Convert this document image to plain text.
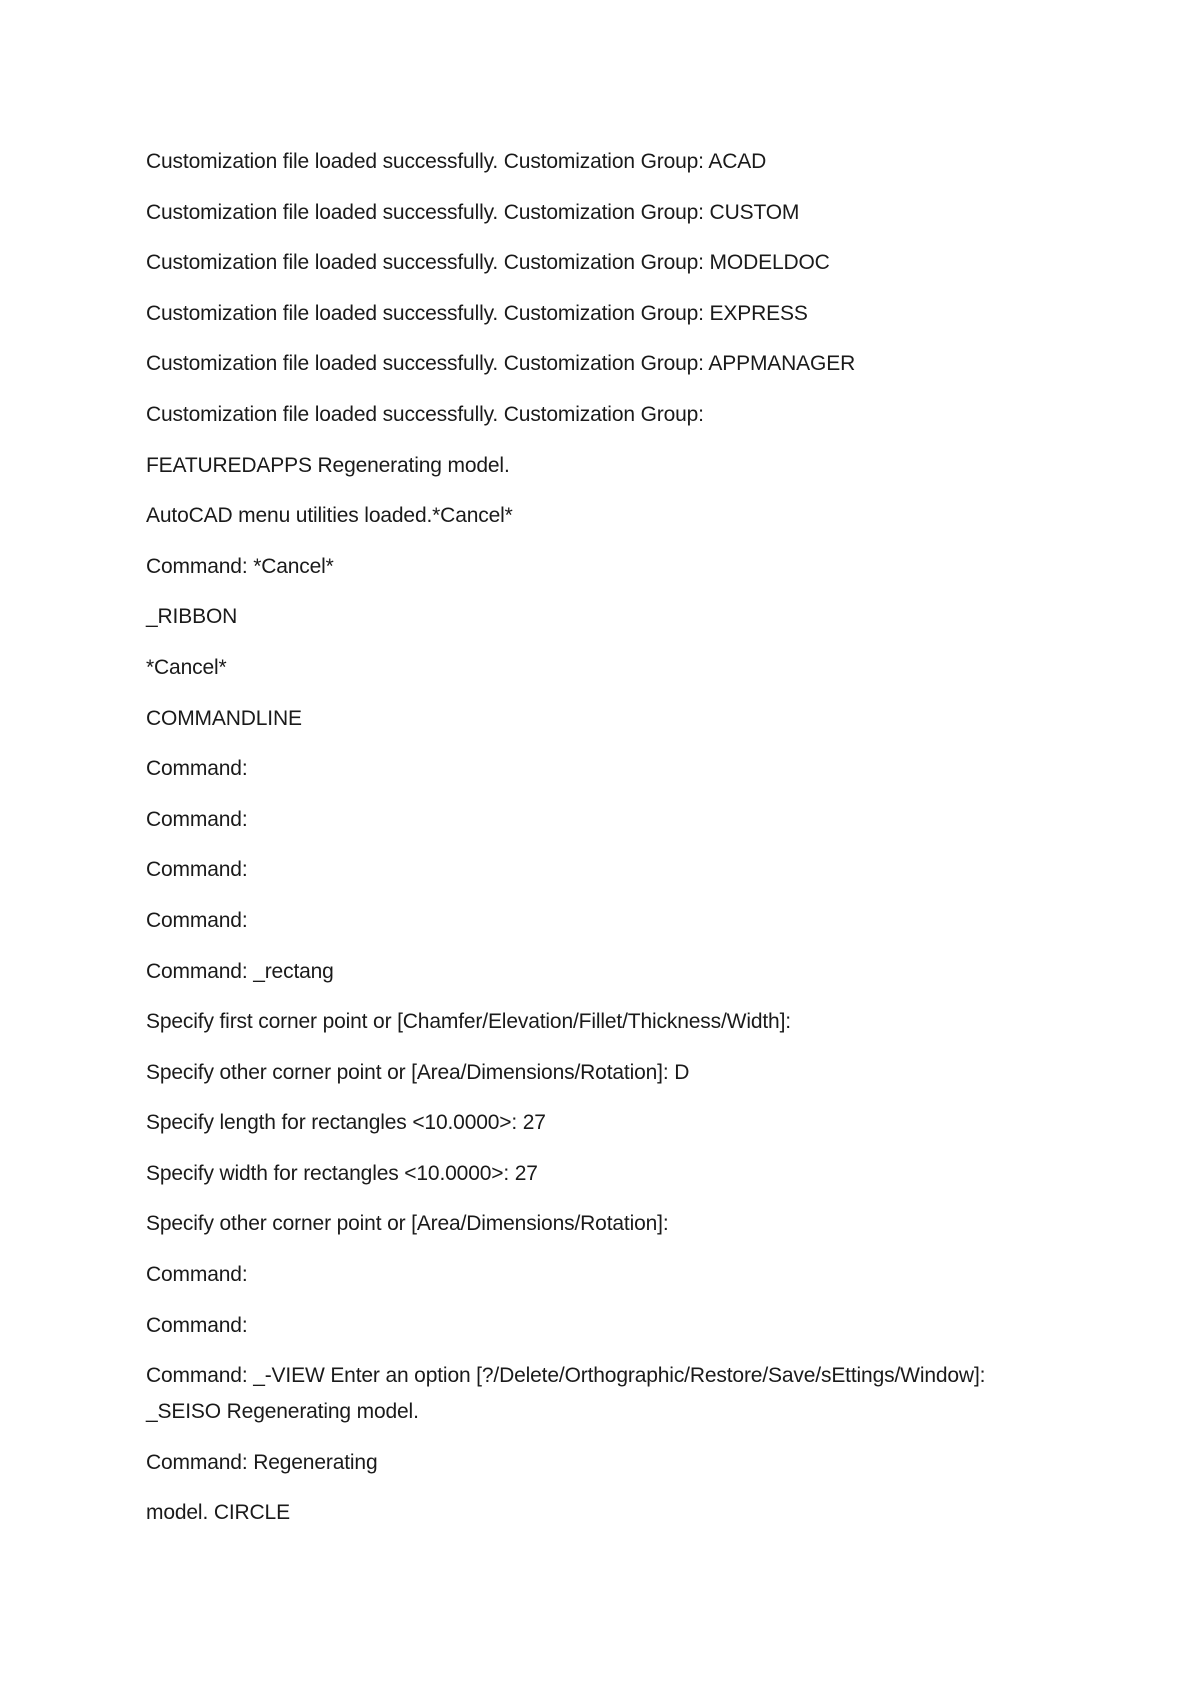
Customization file loaded successfully. Customization Group: ACAD
Customization file loaded successfully. Customization Group: CUSTOM
Customization file loaded successfully. Customization Group: MODELDOC
Customization file loaded successfully. Customization Group: EXPRESS
Customization file loaded successfully. Customization Group: APPMANAGER
Customization file loaded successfully. Customization Group:
FEATUREDAPPS Regenerating model.
AutoCAD menu utilities loaded.*Cancel*
Command: *Cancel*
_RIBBON
*Cancel*
COMMANDLINE
Command:
Command:
Command:
Command:
Command: _rectang
Specify first corner point or [Chamfer/Elevation/Fillet/Thickness/Width]:
Specify other corner point or [Area/Dimensions/Rotation]: D
Specify length for rectangles <10.0000>: 27
Specify width for rectangles <10.0000>: 27
Specify other corner point or [Area/Dimensions/Rotation]:
Command:
Command:
Command: _-VIEW Enter an option [?/Delete/Orthographic/Restore/Save/sEttings/Window]: _SEISO Regenerating model.
Command: Regenerating
model. CIRCLE
